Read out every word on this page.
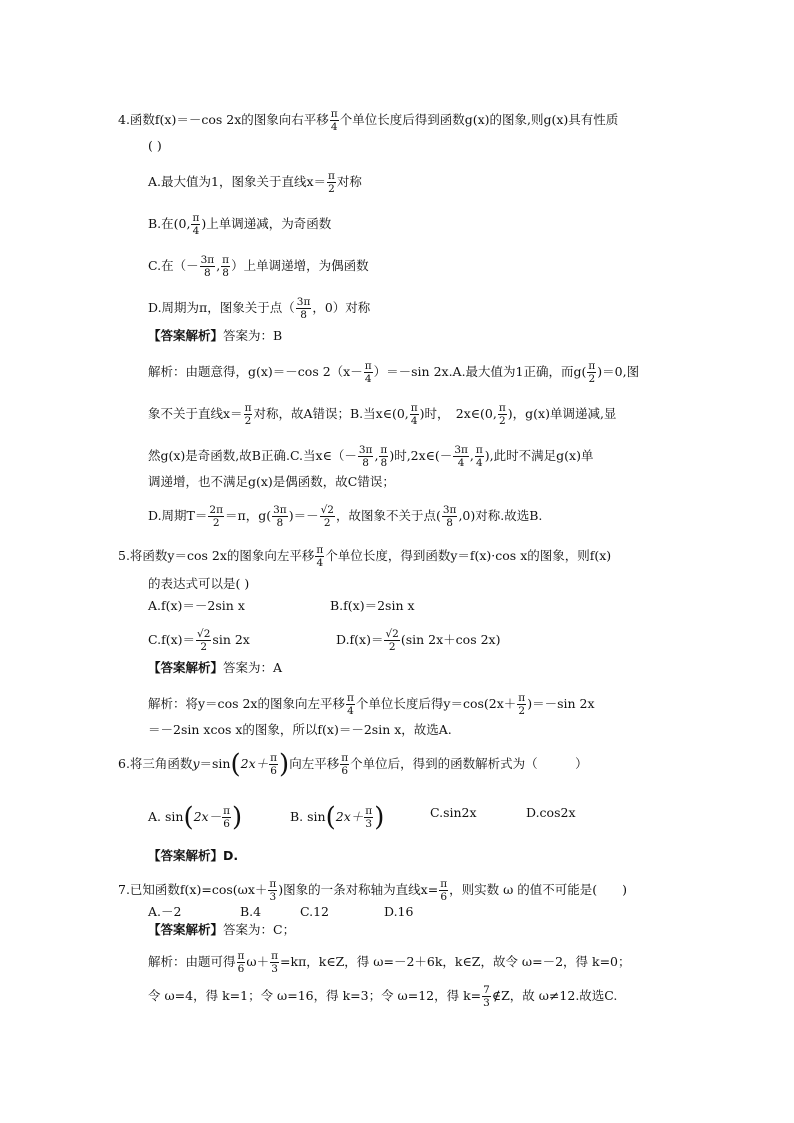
4.函数f(x)＝－cos 2x的图象向右平移 $\frac{\pi}{4}$ 个单位长度后得到函数g(x)的图象,则g(x)具有性质
( )
A.最大值为1，图象关于直线$x= \frac{\pi}{2}$ 对称
B.在(0, $\frac{\pi}{4}$ )上单调递减，为奇函数
C.在（－ $\frac{3\pi}{8}$ , $\frac{\pi}{8}$ ）上单调递增，为偶函数
D.周期为π，图象关于点（ $\frac{3\pi}{8}$ ，0）对称
【答案解析】答案为：B
解析：由题意得，g(x)＝－cos $2(x- \frac{\pi}{4} )=-\sin$ 2x.A.最大值为1正确，而$g( \frac{\pi}{2} )=0$,图
象不关于直线$x= \frac{\pi}{2}$ 对称，故A错误；B.当x∈(0, $\frac{\pi}{4}$ )时，　2x∈(0, $\frac{\pi}{2}$ )，g(x)单调递减,显
然g(x)是奇函数,故B正确.C.当x∈（－ $\frac{3\pi}{8}$ , $\frac{\pi}{8}$ )时,2x∈(－ $\frac{3\pi}{4}$ , $\frac{\pi}{4}$ ),此时不满足g(x)单
调递增，也不满足g(x)是偶函数，故C错误；
D.周期$T= \frac{2\pi}{2} =\pi$，$g( \frac{3\pi}{8}$ )＝－ $\frac{√2}{2}$ ，故图象不关于点( $\frac{3\pi}{8} ,0$)对称.故选B.
5.将函数y＝cos 2x的图象向左平移 $\frac{\pi}{4}$ 个单位长度，得到函数y＝f(x)·cos x的图象，则f(x)
的表达式可以是( )
A.f(x)＝－2sin x	B.f(x)＝2sin x
$C.f(x)= \frac{√2}{2}$ sin 2x	$D.f(x)= \frac{√2}{2} (\sin$ 2x＋cos 2x)
【答案解析】答案为：A
解析：将y＝cos 2x的图象向左平移 $\frac{\pi}{4}$ 个单位长度后得$y=\cos(2x+ \frac{\pi}{2} )=-\sin$ 2x
＝－2sin xcos x的图象，所以f(x)＝－2sin x，故选A.
6.将三角函数$y=\sin(2x+ \frac{\pi}{6}$ )向左平移 $\frac{\pi}{6}$ 个单位后，得到的函数解析式为（　　　）
A. $\sin(2x- \frac{\pi}{6}$ )	B. $\sin(2x+ \frac{\pi}{3}$ )	C.sin2x	D.cos2x
【答案解析】D.
7.已知函数$f(x)=\cos(\omega x+ \frac{\pi}{3}$ )图象的一条对称轴为直线$x= \frac{\pi}{6}$ ，则实数 ω 的值不可能是(　　)
A.－2	B.4	C.12	D.16
【答案解析】答案为：C；
解析：由题可得 $\frac{\pi}{6} \omega+ \frac{\pi}{3} =k\pi$，k∈Z，得 ω=－2＋6k，k∈Z，故令 ω=－2，得 k=0；
令 ω=4，得 k=1；令 ω=16，得 k=3；令 ω=12，得 $k= \frac{7}{3}$ ∉Z，故 ω≠12.故选C.
